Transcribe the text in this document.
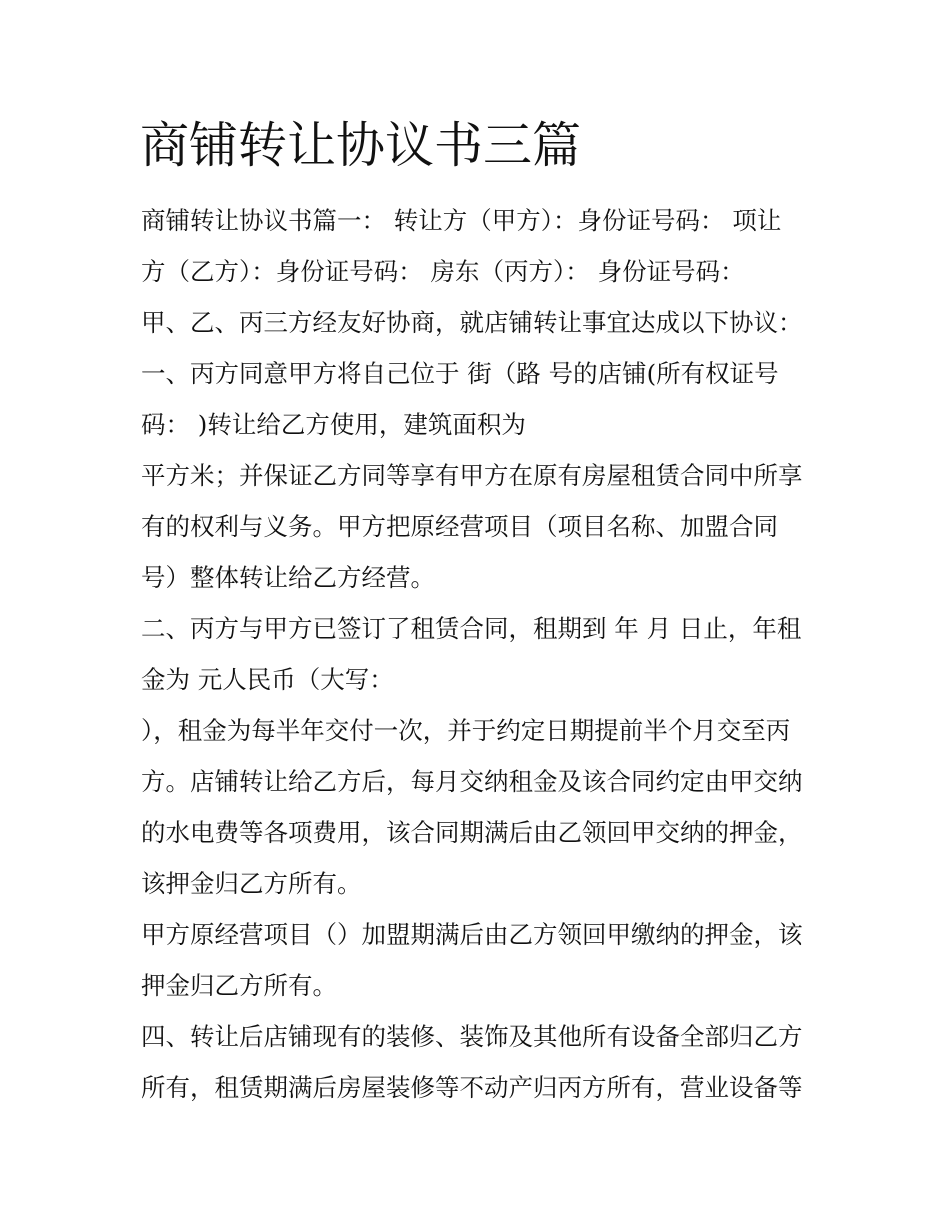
商铺转让协议书三篇

商铺转让协议书篇一： 转让方（甲方）：身份证号码： 项让

方（乙方）：身份证号码： 房东（丙方）： 身份证号码：

甲、乙、丙三方经友好协商，就店铺转让事宜达成以下协议：

一、丙方同意甲方将自己位于 街（路 号的店铺(所有权证号

码： )转让给乙方使用，建筑面积为

平方米；并保证乙方同等享有甲方在原有房屋租赁合同中所享

有的权利与义务。甲方把原经营项目（项目名称、加盟合同

号）整体转让给乙方经营。

二、丙方与甲方已签订了租赁合同，租期到 年 月 日止，年租

金为 元人民币（大写：

），租金为每半年交付一次，并于约定日期提前半个月交至丙

方。店铺转让给乙方后，每月交纳租金及该合同约定由甲交纳

的水电费等各项费用，该合同期满后由乙领回甲交纳的押金，

该押金归乙方所有。

甲方原经营项目（）加盟期满后由乙方领回甲缴纳的押金，该

押金归乙方所有。

四、转让后店铺现有的装修、装饰及其他所有设备全部归乙方

所有，租赁期满后房屋装修等不动产归丙方所有，营业设备等
